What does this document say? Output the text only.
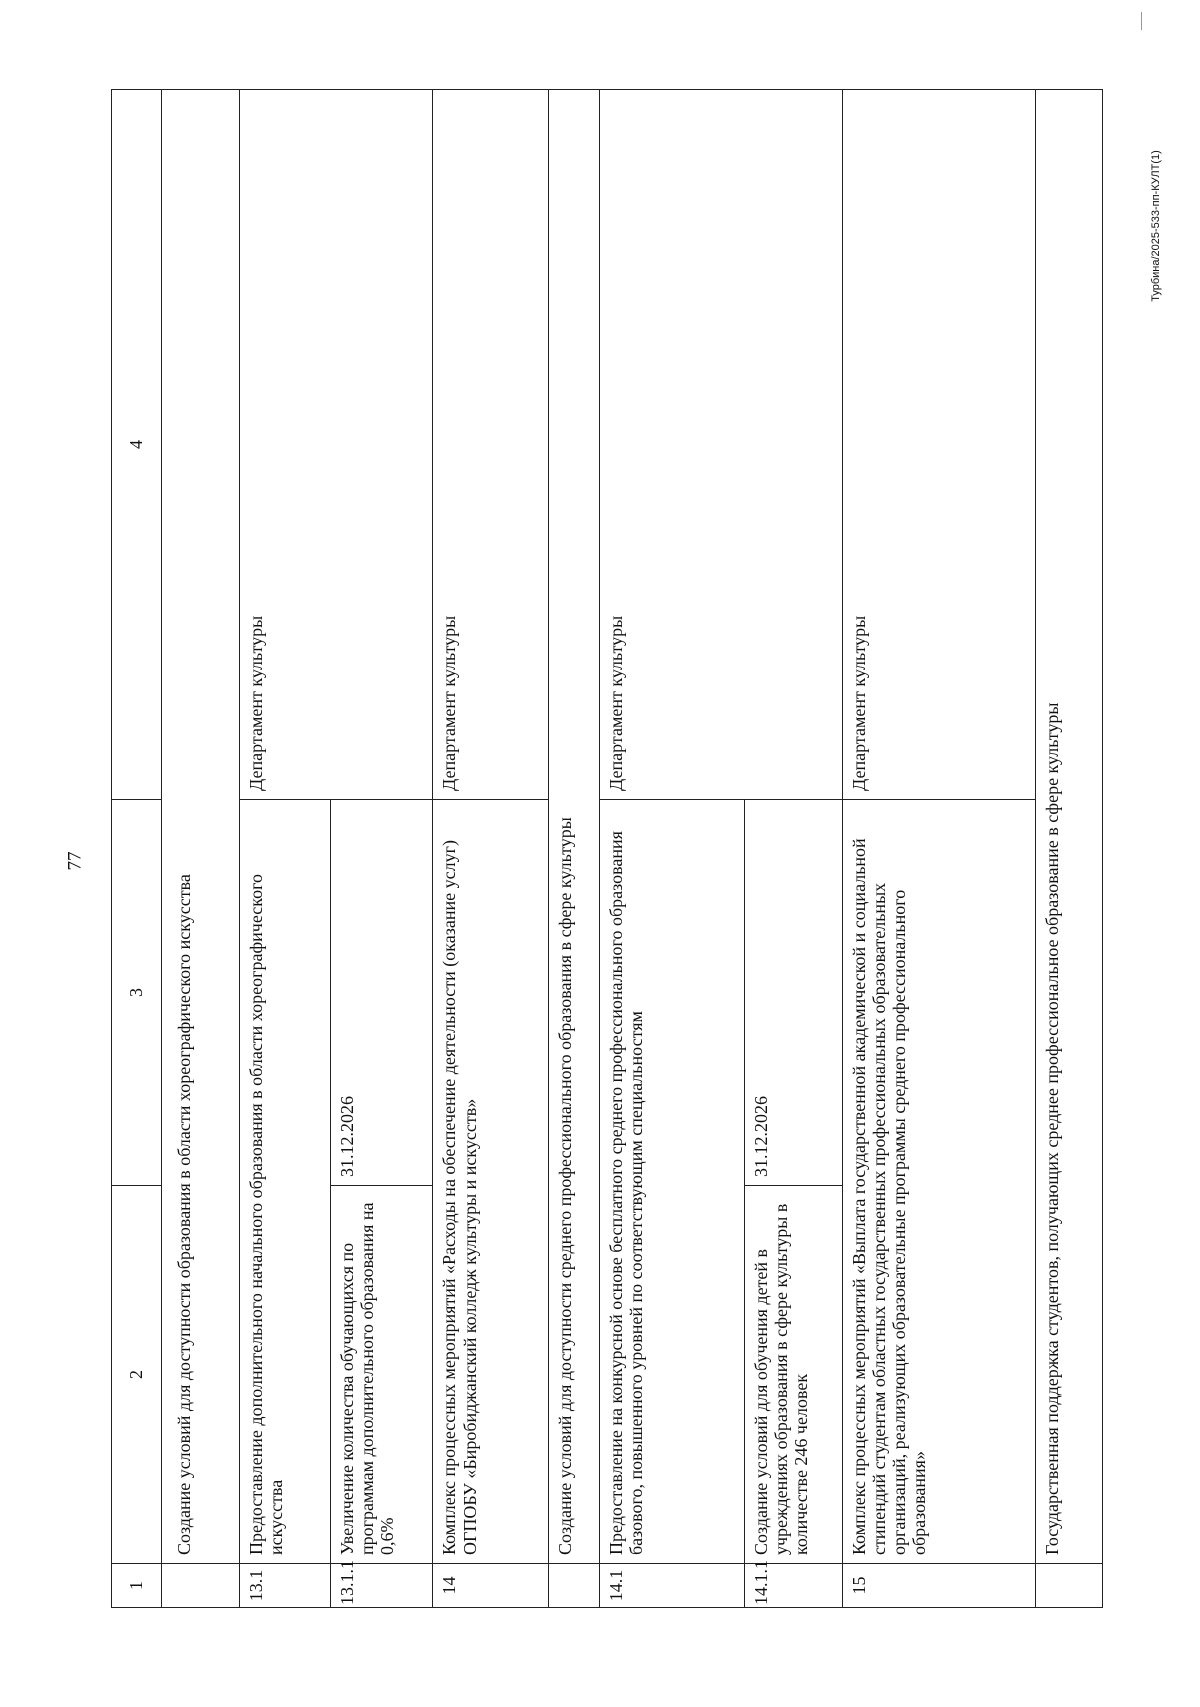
77
Турбина/2025-533-пп-КУЛТ(1)
1	2	3	4
	Создание условий для доступности образования в области хореографического искусства		
13.1	Предоставление дополнительного начального образования в области хореографического искусства		Департамент культуры
13.1.1	Увеличение количества обучающихся по программам дополнительного образования на 0,6%	31.12.2026	
14	Комплекс процессных мероприятий «Расходы на обеспечение деятельности (оказание услуг) ОГПОБУ «Биробиджанский колледж культуры и искусств»		Департамент культуры
	Создание условий для доступности среднего профессионального образования в сфере культуры		
14.1	Предоставление на конкурсной основе бесплатного среднего профессионального образования базового, повышенного уровней по соответствующим специальностям		Департамент культуры
14.1.1	Создание условий для обучения детей в учреждениях образования в сфере культуры в количестве 246 человек	31.12.2026	
15	Комплекс процессных мероприятий «Выплата государственной академической и социальной стипендий студентам областных государственных профессиональных образовательных организаций, реализующих образовательные программы среднего профессионального образования»		Департамент культуры
	Государственная поддержка студентов, получающих среднее профессиональное образование в сфере культуры		
